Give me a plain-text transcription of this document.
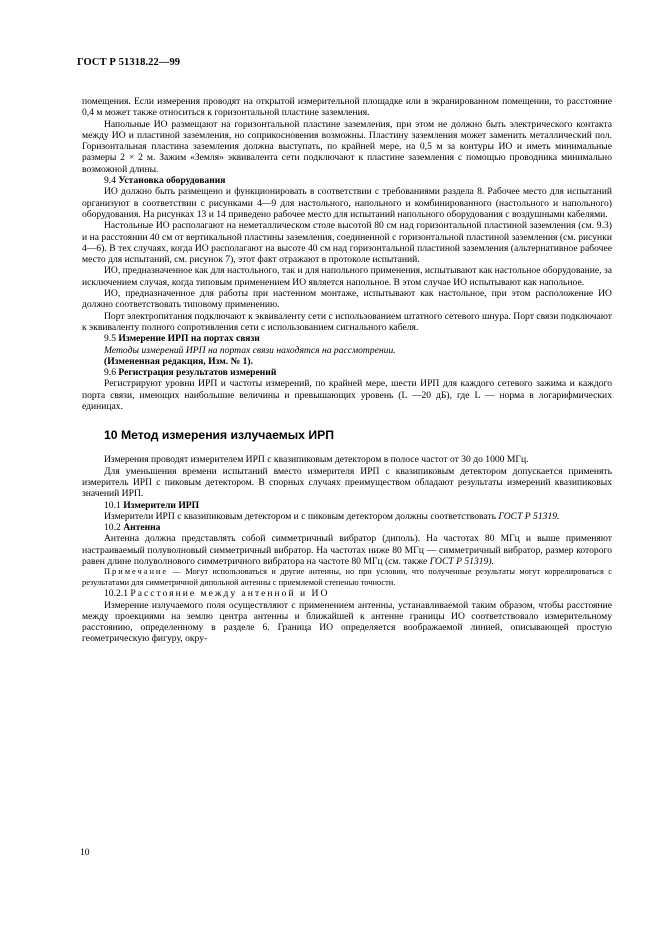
ГОСТ Р 51318.22—99

помещения. Если измерения проводят на открытой измерительной площадке или в экранированном помещении, то расстояние 0,4 м может также относиться к горизонтальной пластине заземления.

Напольные ИО размещают на горизонтальной пластине заземления, при этом не должно быть электрического контакта между ИО и пластиной заземления, но соприкосновения возможны. Пластину заземления может заменить металлический пол. Горизонтальная пластина заземления должна выступать, по крайней мере, на 0,5 м за контуры ИО и иметь минимальные размеры 2 × 2 м. Зажим «Земля» эквивалента сети подключают к пластине заземления с помощью проводника минимально возможной длины.

9.4 Установка оборудования

ИО должно быть размещено и функционировать в соответствии с требованиями раздела 8. Рабочее место для испытаний организуют в соответствии с рисунками 4—9 для настольного, напольного и комбинированного (настольного и напольного) оборудования. На рисунках 13 и 14 приведено рабочее место для испытаний напольного оборудования с воздушными кабелями.

Настольные ИО располагают на неметаллическом столе высотой 80 см над горизонтальной пластиной заземления (см. 9.3) и на расстоянии 40 см от вертикальной пластины заземления, соединенной с горизонтальной пластиной заземления (см. рисунки 4—6). В тех случаях, когда ИО располагают на высоте 40 см над горизонтальной пластиной заземления (альтернативное рабочее место для испытаний, см. рисунок 7), этот факт отражают в протоколе испытаний.

ИО, предназначенное как для настольного, так и для напольного применения, испытывают как настольное оборудование, за исключением случая, когда типовым применением ИО является напольное. В этом случае ИО испытывают как напольное.

ИО, предназначенное для работы при настенном монтаже, испытывают как настольное, при этом расположение ИО должно соответствовать типовому применению.

Порт электропитания подключают к эквиваленту сети с использованием штатного сетевого шнура. Порт связи подключают к эквиваленту полного сопротивления сети с использованием сигнального кабеля.

9.5 Измерение ИРП на портах связи

Методы измерений ИРП на портах связи находятся на рассмотрении.

(Измененная редакция, Изм. № 1).

9.6 Регистрация результатов измерений

Регистрируют уровни ИРП и частоты измерений, по крайней мере, шести ИРП для каждого сетевого зажима и каждого порта связи, имеющих наибольшие величины и превышающих уровень (L —20 дБ), где L — норма в логарифмических единицах.

10 Метод измерения излучаемых ИРП

Измерения проводят измерителем ИРП с квазипиковым детектором в полосе частот от 30 до 1000 МГц.

Для уменьшения времени испытаний вместо измерителя ИРП с квазипиковым детектором допускается применять измеритель ИРП с пиковым детектором. В спорных случаях преимуществом обладают результаты измерений квазипиковых значений ИРП.

10.1 Измерители ИРП

Измерители ИРП с квазипиковым детектором и с пиковым детектором должны соответствовать ГОСТ Р 51319.

10.2 Антенна

Антенна должна представлять собой симметричный вибратор (диполь). На частотах 80 МГц и выше применяют настраиваемый полуволновый симметричный вибратор. На частотах ниже 80 МГц — симметричный вибратор, размер которого равен длине полуволнового симметричного вибратора на частоте 80 МГц (см. также ГОСТ Р 51319).

Примечание — Могут использоваться и другие антенны, но при условии, что полученные результаты могут коррелироваться с результатами для симметричной дипольной антенны с приемлемой степенью точности.

10.2.1 Расстояние между антенной и ИО

Измерение излучаемого поля осуществляют с применением антенны, устанавливаемой таким образом, чтобы расстояние между проекциями на землю центра антенны и ближайшей к антенне границы ИО соответствовало измерительному расстоянию, определенному в разделе 6. Граница ИО определяется воображаемой линией, описывающей простую геометрическую фигуру, окру-

10
